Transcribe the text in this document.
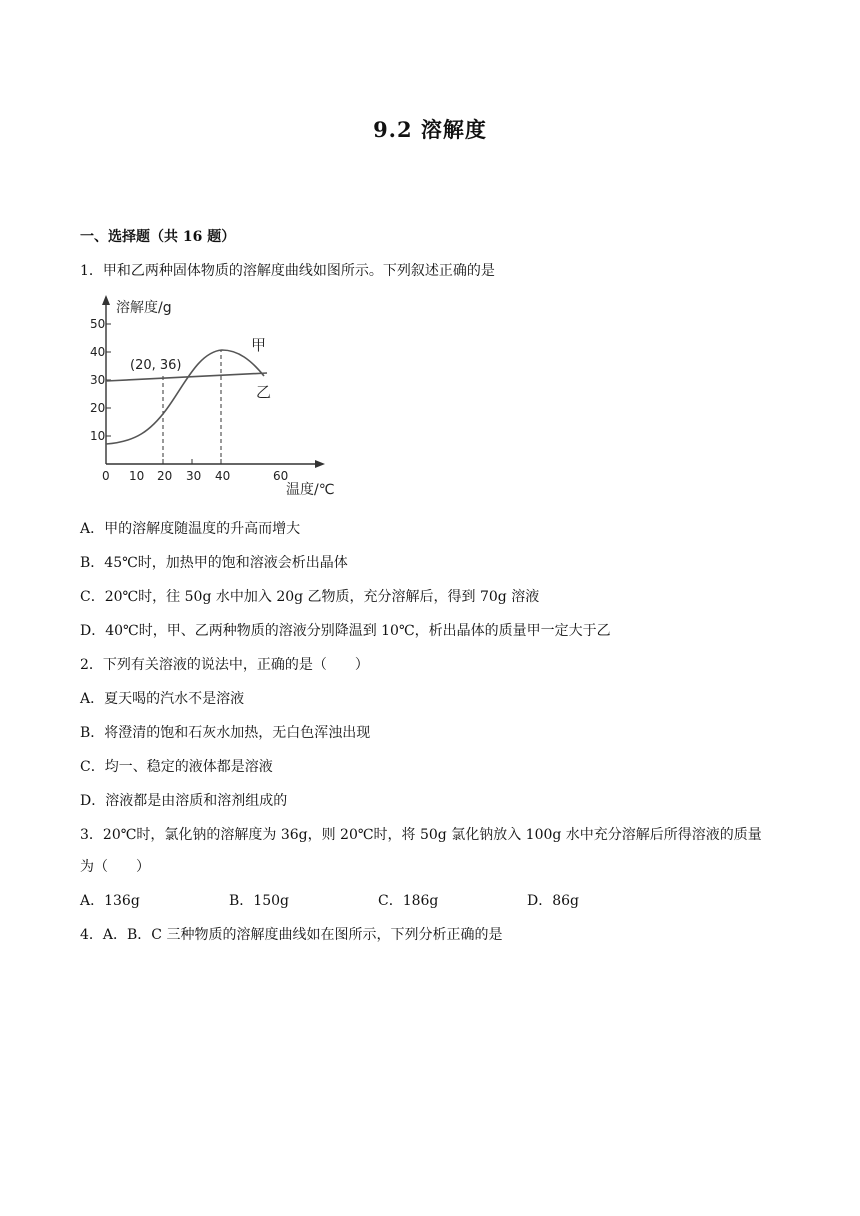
9.2 溶解度
一、选择题（共 16 题）
1．甲和乙两种固体物质的溶解度曲线如图所示。下列叙述正确的是
溶解度/g
温度/℃
(20, 36)
甲
乙
10
20
30
40
50
0 10 20 30 40	60
A．甲的溶解度随温度的升高而增大
B．45℃时，加热甲的饱和溶液会析出晶体
C．20℃时，往 50g 水中加入 20g 乙物质，充分溶解后，得到 70g 溶液
D．40℃时，甲、乙两种物质的溶液分别降温到 10℃，析出晶体的质量甲一定大于乙
2．下列有关溶液的说法中，正确的是（　　）
A．夏天喝的汽水不是溶液
B．将澄清的饱和石灰水加热，无白色浑浊出现
C．均一、稳定的液体都是溶液
D．溶液都是由溶质和溶剂组成的
3．20℃时，氯化钠的溶解度为 36g，则 20℃时，将 50g 氯化钠放入 100g 水中充分溶解后所得溶液的质量
为（　　）
A．136g	B．150g	C．186g	D．86g
4．A．B．C 三种物质的溶解度曲线如在图所示，下列分析正确的是
